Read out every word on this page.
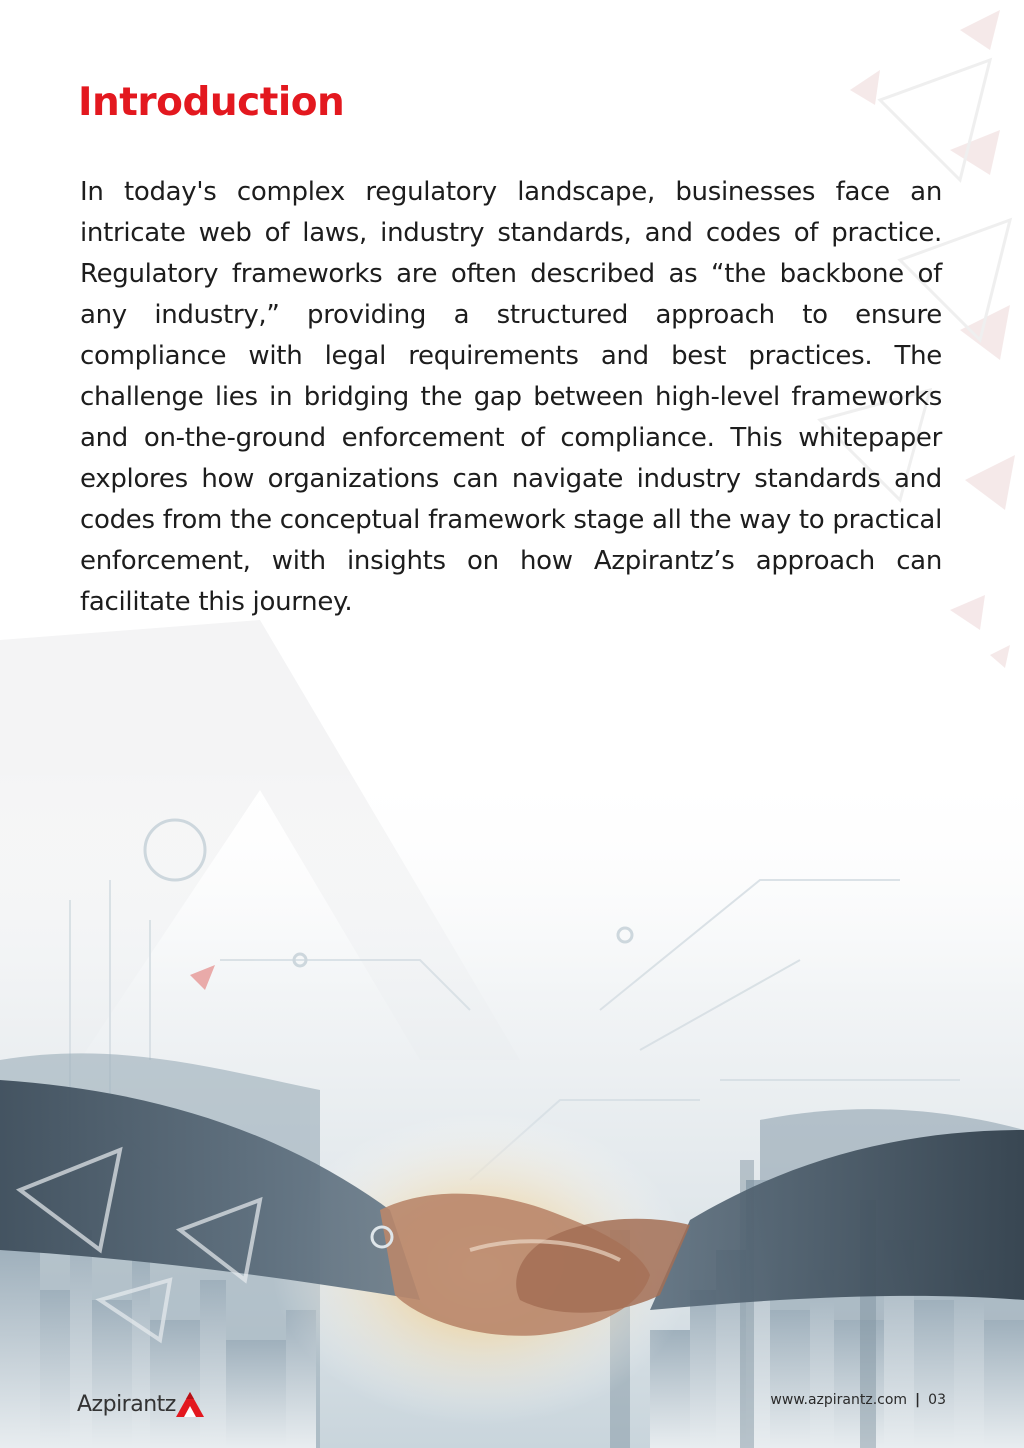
Introduction

In today's complex regulatory landscape, businesses face an intricate web of laws, industry standards, and codes of practice. Regulatory frameworks are often described as “the backbone of any industry,” providing a structured approach to ensure compliance with legal requirements and best practices. The challenge lies in bridging the gap between high-level frameworks and on-the-ground enforcement of compliance. This whitepaper explores how organizations can navigate industry standards and codes from the conceptual framework stage all the way to practical enforcement, with insights on how Azpirantz’s approach can facilitate this journey.

Azpirantz	www.azpirantz.com | 03
